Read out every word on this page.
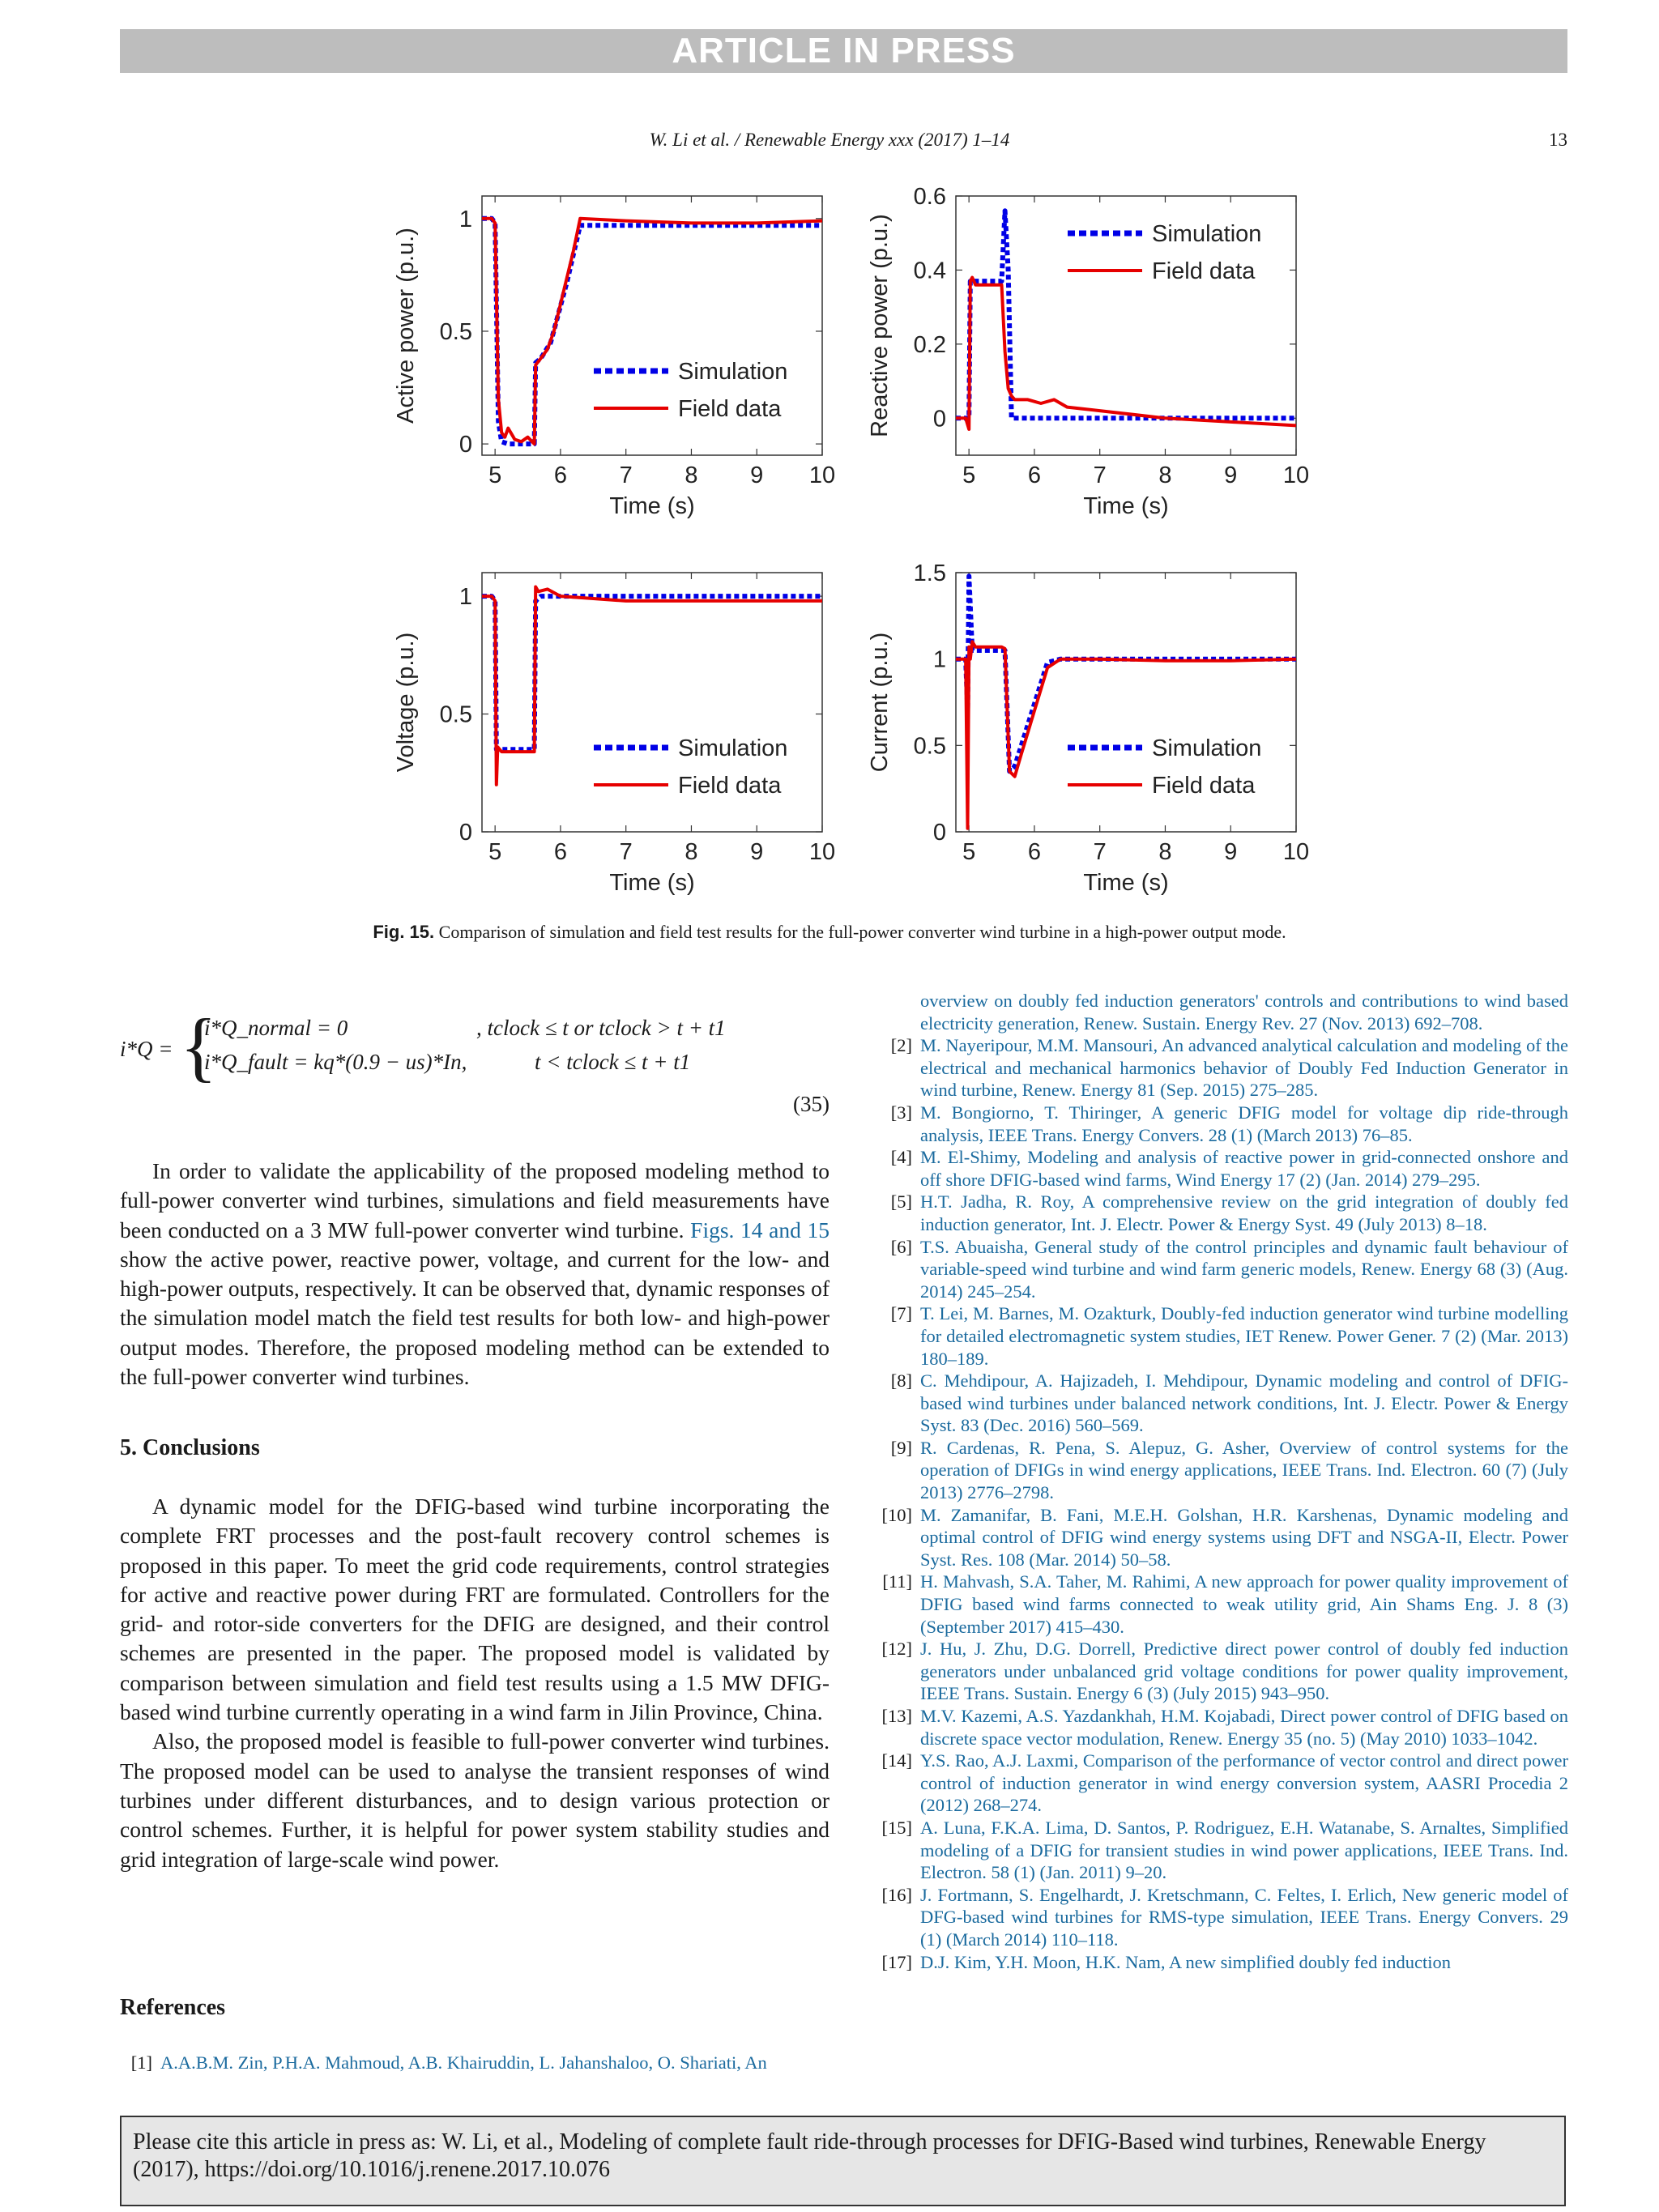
ARTICLE IN PRESS
W. Li et al. / Renewable Energy xxx (2017) 1–14	13
5 6 7 8 9 10
0
0.5
1
Time (s)
Active power (p.u.)	Simulation
Field data
5 6 7 8 9 10
0
0.2
0.4
0.6
Time (s)
Reactive power (p.u.)	Simulation
Field data
5 6 7 8 9 10
0
0.5
1
Time (s)
Voltage (p.u.)	Simulation
Field data
5 6 7 8 9 10
0
0.5
1
1.5
Time (s)
Current (p.u.)	Simulation
Field data
Fig. 15. Comparison of simulation and field test results for the full-power converter wind turbine in a high-power output mode.
i*Q = {
i*Q_normal = 0	, tclock ≤ t or tclock > t + t1
i*Q_fault = kq*(0.9 − us)*In,	t < tclock ≤ t + t1
(35)

In order to validate the applicability of the proposed modeling method to full-power converter wind turbines, simulations and field measurements have been conducted on a 3 MW full-power converter wind turbine. Figs. 14 and 15 show the active power, reactive power, voltage, and current for the low- and high-power outputs, respectively. It can be observed that, dynamic responses of the simulation model match the field test results for both low- and high-power output modes. Therefore, the proposed modeling method can be extended to the full-power converter wind turbines.

5. Conclusions

A dynamic model for the DFIG-based wind turbine incorporating the complete FRT processes and the post-fault recovery control schemes is proposed in this paper. To meet the grid code requirements, control strategies for active and reactive power during FRT are formulated. Controllers for the grid- and rotor-side converters for the DFIG are designed, and their control schemes are presented in the paper. The proposed model is validated by comparison between simulation and field test results using a 1.5 MW DFIG-based wind turbine currently operating in a wind farm in Jilin Province, China.

Also, the proposed model is feasible to full-power converter wind turbines. The proposed model can be used to analyse the transient responses of wind turbines under different disturbances, and to design various protection or control schemes. Further, it is helpful for power system stability studies and grid integration of large-scale wind power.

References
[1] A.A.B.M. Zin, P.H.A. Mahmoud, A.B. Khairuddin, L. Jahanshaloo, O. Shariati, An
overview on doubly fed induction generators' controls and contributions to wind based electricity generation, Renew. Sustain. Energy Rev. 27 (Nov. 2013) 692–708.
[2] M. Nayeripour, M.M. Mansouri, An advanced analytical calculation and modeling of the electrical and mechanical harmonics behavior of Doubly Fed Induction Generator in wind turbine, Renew. Energy 81 (Sep. 2015) 275–285.
[3] M. Bongiorno, T. Thiringer, A generic DFIG model for voltage dip ride-through analysis, IEEE Trans. Energy Convers. 28 (1) (March 2013) 76–85.
[4] M. El-Shimy, Modeling and analysis of reactive power in grid-connected onshore and off shore DFIG-based wind farms, Wind Energy 17 (2) (Jan. 2014) 279–295.
[5] H.T. Jadha, R. Roy, A comprehensive review on the grid integration of doubly fed induction generator, Int. J. Electr. Power & Energy Syst. 49 (July 2013) 8–18.
[6] T.S. Abuaisha, General study of the control principles and dynamic fault behaviour of variable-speed wind turbine and wind farm generic models, Renew. Energy 68 (3) (Aug. 2014) 245–254.
[7] T. Lei, M. Barnes, M. Ozakturk, Doubly-fed induction generator wind turbine modelling for detailed electromagnetic system studies, IET Renew. Power Gener. 7 (2) (Mar. 2013) 180–189.
[8] C. Mehdipour, A. Hajizadeh, I. Mehdipour, Dynamic modeling and control of DFIG-based wind turbines under balanced network conditions, Int. J. Electr. Power & Energy Syst. 83 (Dec. 2016) 560–569.
[9] R. Cardenas, R. Pena, S. Alepuz, G. Asher, Overview of control systems for the operation of DFIGs in wind energy applications, IEEE Trans. Ind. Electron. 60 (7) (July 2013) 2776–2798.
[10] M. Zamanifar, B. Fani, M.E.H. Golshan, H.R. Karshenas, Dynamic modeling and optimal control of DFIG wind energy systems using DFT and NSGA-II, Electr. Power Syst. Res. 108 (Mar. 2014) 50–58.
[11] H. Mahvash, S.A. Taher, M. Rahimi, A new approach for power quality improvement of DFIG based wind farms connected to weak utility grid, Ain Shams Eng. J. 8 (3) (September 2017) 415–430.
[12] J. Hu, J. Zhu, D.G. Dorrell, Predictive direct power control of doubly fed induction generators under unbalanced grid voltage conditions for power quality improvement, IEEE Trans. Sustain. Energy 6 (3) (July 2015) 943–950.
[13] M.V. Kazemi, A.S. Yazdankhah, H.M. Kojabadi, Direct power control of DFIG based on discrete space vector modulation, Renew. Energy 35 (no. 5) (May 2010) 1033–1042.
[14] Y.S. Rao, A.J. Laxmi, Comparison of the performance of vector control and direct power control of induction generator in wind energy conversion system, AASRI Procedia 2 (2012) 268–274.
[15] A. Luna, F.K.A. Lima, D. Santos, P. Rodriguez, E.H. Watanabe, S. Arnaltes, Simplified modeling of a DFIG for transient studies in wind power applications, IEEE Trans. Ind. Electron. 58 (1) (Jan. 2011) 9–20.
[16] J. Fortmann, S. Engelhardt, J. Kretschmann, C. Feltes, I. Erlich, New generic model of DFG-based wind turbines for RMS-type simulation, IEEE Trans. Energy Convers. 29 (1) (March 2014) 110–118.
[17] D.J. Kim, Y.H. Moon, H.K. Nam, A new simplified doubly fed induction
Please cite this article in press as: W. Li, et al., Modeling of complete fault ride-through processes for DFIG-Based wind turbines, Renewable Energy (2017), https://doi.org/10.1016/j.renene.2017.10.076
